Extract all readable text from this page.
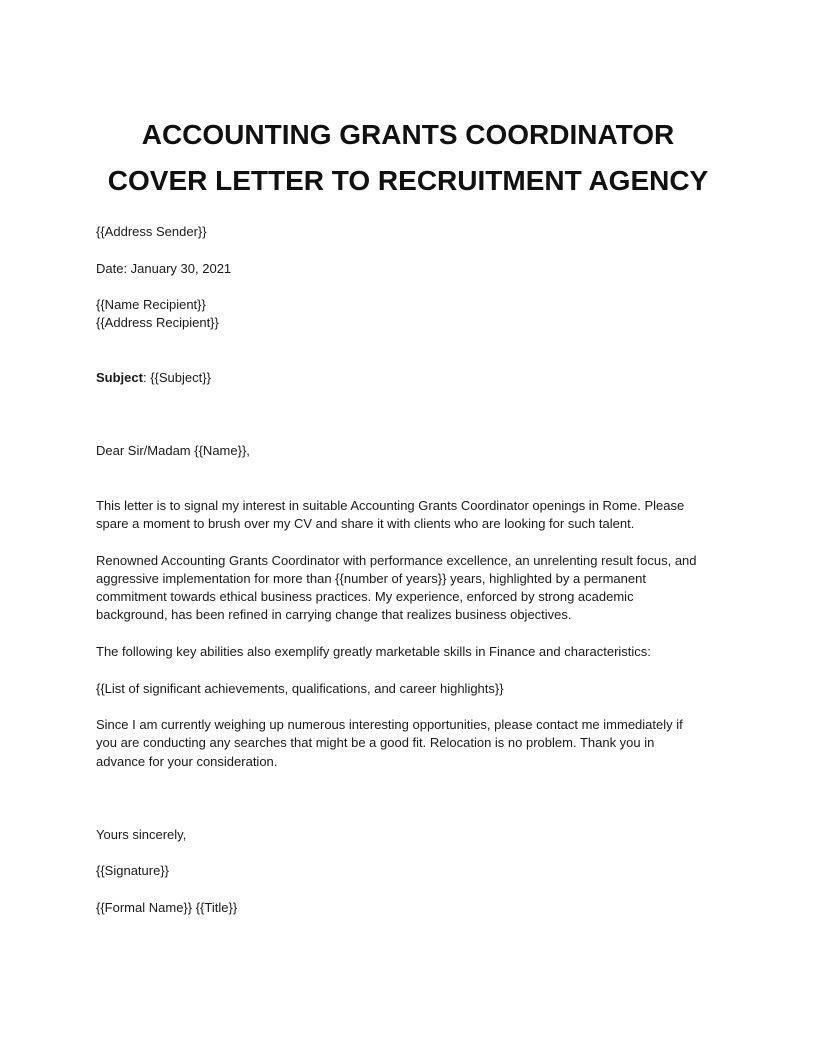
ACCOUNTING GRANTS COORDINATOR
COVER LETTER TO RECRUITMENT AGENCY
{{Address Sender}}
Date: January 30, 2021
{{Name Recipient}}
{{Address Recipient}}
Subject: {{Subject}}
Dear Sir/Madam {{Name}},
This letter is to signal my interest in suitable Accounting Grants Coordinator openings in Rome. Please
spare a moment to brush over my CV and share it with clients who are looking for such talent.
Renowned Accounting Grants Coordinator with performance excellence, an unrelenting result focus, and
aggressive implementation for more than {{number of years}} years, highlighted by a permanent
commitment towards ethical business practices. My experience, enforced by strong academic
background, has been refined in carrying change that realizes business objectives.
The following key abilities also exemplify greatly marketable skills in Finance and characteristics:
{{List of significant achievements, qualifications, and career highlights}}
Since I am currently weighing up numerous interesting opportunities, please contact me immediately if
you are conducting any searches that might be a good fit. Relocation is no problem. Thank you in
advance for your consideration.
Yours sincerely,
{{Signature}}
{{Formal Name}} {{Title}}
